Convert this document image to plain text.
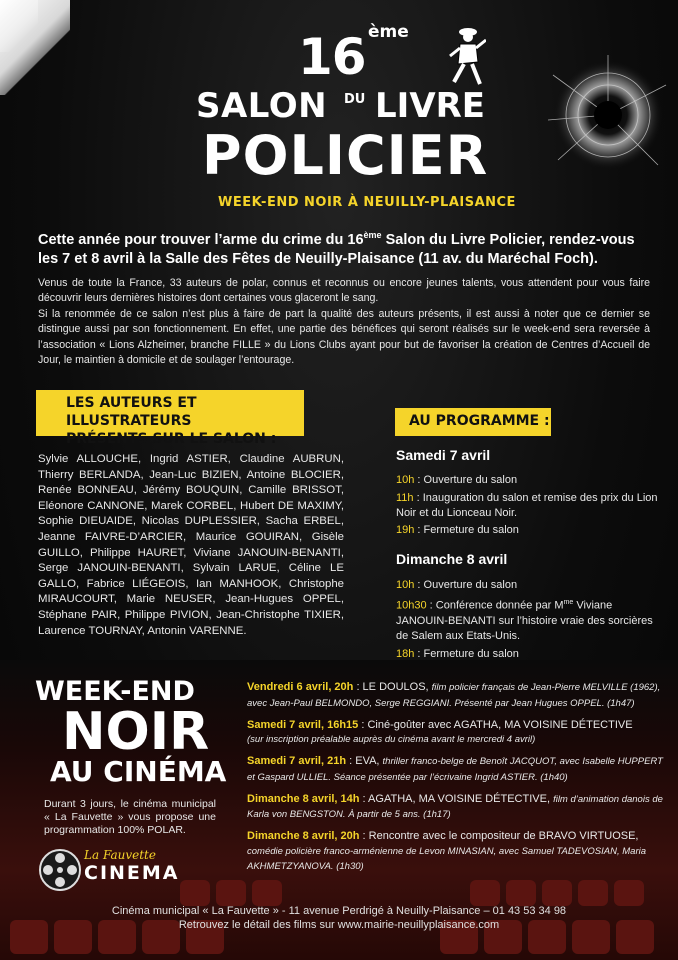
16 ème
SALON DU LIVRE
POLICIER
WEEK-END NOIR À NEUILLY-PLAISANCE

Cette année pour trouver l’arme du crime du 16ème Salon du Livre Policier, rendez-vous les 7 et 8 avril à la Salle des Fêtes de Neuilly-Plaisance (11 av. du Maréchal Foch).

Venus de toute la France, 33 auteurs de polar, connus et reconnus ou encore jeunes talents, vous attendent pour vous faire découvrir leurs dernières histoires dont certaines vous glaceront le sang.

Si la renommée de ce salon n’est plus à faire de part la qualité des auteurs présents, il est aussi à noter que ce dernier se distingue aussi par son fonctionnement. En effet, une partie des bénéfices qui seront réalisés sur le week-end sera reversée à l’association « Lions Alzheimer, branche FILLE » du Lions Clubs ayant pour but de favoriser la création de Centres d’Accueil de Jour, le maintien à domicile et de soulager l’entourage.

LES AUTEURS ET ILLUSTRATEURS
PRÉSENTS SUR LE SALON :
AU PROGRAMME :

Sylvie ALLOUCHE, Ingrid ASTIER, Claudine AUBRUN, Thierry BERLANDA, Jean-Luc BIZIEN, Antoine BLOCIER, Renée BONNEAU, Jérémy BOUQUIN, Camille BRISSOT, Eléonore CANNONE, Marek CORBEL, Hubert DE MAXIMY, Sophie DIEUAIDE, Nicolas DUPLESSIER, Sacha ERBEL, Jeanne FAIVRE-D’ARCIER, Maurice GOUIRAN, Gisèle GUILLO, Philippe HAURET, Viviane JANOUIN-BENANTI, Serge JANOUIN-BENANTI, Sylvain LARUE, Céline LE GALLO, Fabrice LIÉGEOIS, Ian MANHOOK, Christophe MIRAUCOURT, Marie NEUSER, Jean-Hugues OPPEL, Stéphane PAIR, Philippe PIVION, Jean-Christophe TIXIER, Laurence TOURNAY, Antonin VARENNE.

Samedi 7 avril
10h : Ouverture du salon
11h : Inauguration du salon et remise des prix du Lion Noir et du Lionceau Noir.
19h : Fermeture du salon
Dimanche 8 avril
10h : Ouverture du salon
10h30 : Conférence donnée par $M^{me}$ Viviane JANOUIN-BENANTI sur l’histoire vraie des sorcières de Salem aux Etats-Unis.
18h : Fermeture du salon
WEEK-END
NOIR
AU CINÉMA

Durant 3 jours, le cinéma municipal « La Fauvette » vous propose une programmation 100% POLAR.

La Fauvette
CINEMA
Vendredi 6 avril, 20h : LE DOULOS, film policier français de Jean-Pierre MELVILLE (1962), avec Jean-Paul BELMONDO, Serge REGGIANI. Présenté par Jean Hugues OPPEL. (1h47)
Samedi 7 avril, 16h15 : Ciné-goûter avec AGATHA, MA VOISINE DÉTECTIVE
(sur inscription préalable auprès du cinéma avant le mercredi 4 avril)
Samedi 7 avril, 21h : EVA, thriller franco-belge de Benoît JACQUOT, avec Isabelle HUPPERT et Gaspard ULLIEL. Séance présentée par l’écrivaine Ingrid ASTIER. (1h40)
Dimanche 8 avril, 14h : AGATHA, MA VOISINE DÉTECTIVE, film d’animation danois de Karla von BENGSTON. À partir de 5 ans. (1h17)
Dimanche 8 avril, 20h : Rencontre avec le compositeur de BRAVO VIRTUOSE, comédie policière franco-arménienne de Levon MINASIAN, avec Samuel TADEVOSIAN, Maria AKHMETZYANOVA. (1h30)
Cinéma municipal « La Fauvette » - 11 avenue Perdrigé à Neuilly-Plaisance – 01 43 53 34 98
Retrouvez le détail des films sur www.mairie-neuillyplaisance.com
